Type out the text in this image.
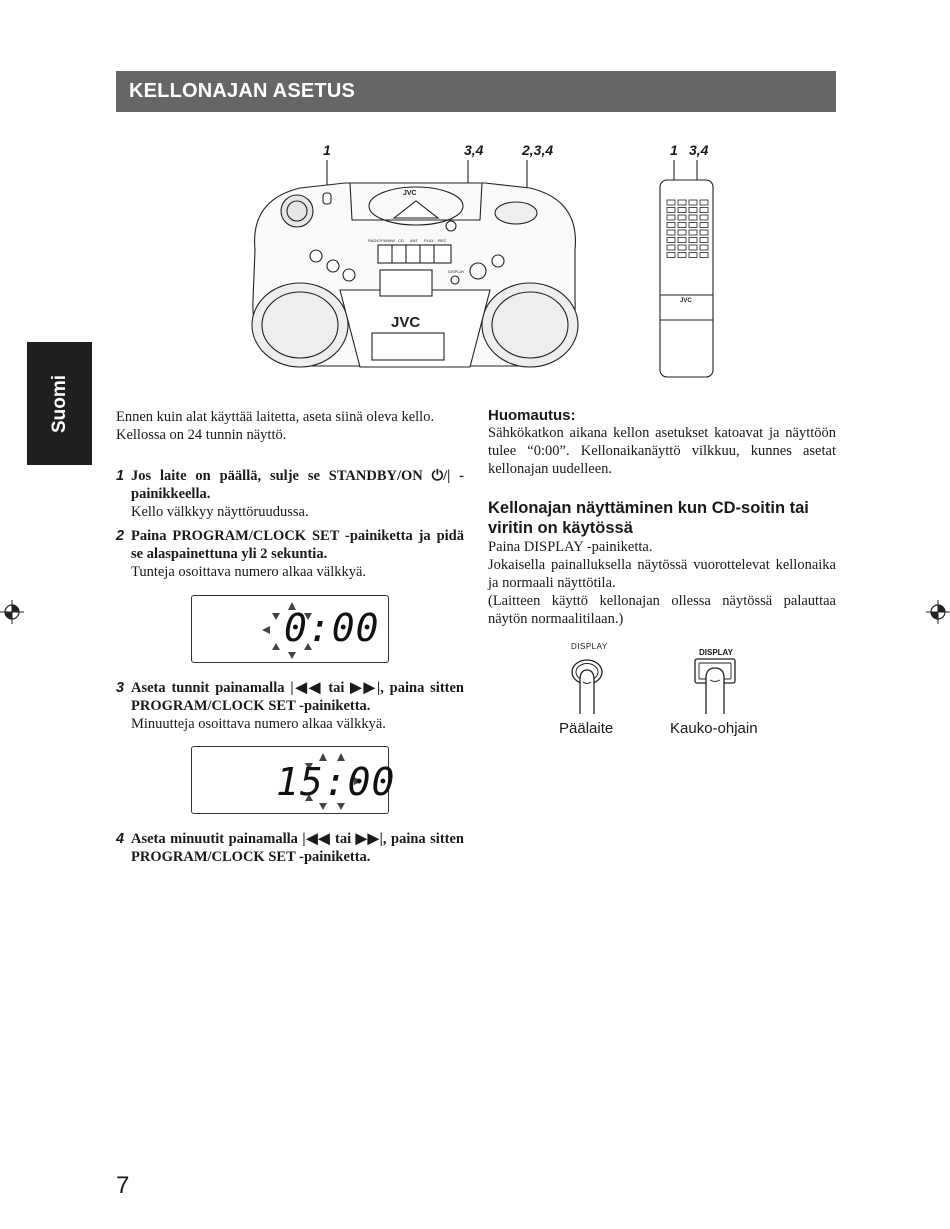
KELLONAJAN ASETUS
Suomi
1	3,4	2,3,4	1 3,4
JVC
JVC
RADIO FM/MW CD ANT PLAY REC
DISPLAY
JVC
Ennen kuin alat käyttää laitetta, aseta siinä oleva kello. Kellossa on 24 tunnin näyttö.
1 Jos laite on päällä, sulje se STANDBY/ON ⏻/| -painikkeella.
Kello välkkyy näyttöruudussa.
2 Paina PROGRAM/CLOCK SET -painiketta ja pidä se alaspainettuna yli 2 sekuntia.
Tunteja osoittava numero alkaa välkkyä.
0:00
3 Aseta tunnit painamalla |◀◀ tai ▶▶|, paina sitten PROGRAM/CLOCK SET -painiketta.
Minuutteja osoittava numero alkaa välkkyä.
15:00
4 Aseta minuutit painamalla |◀◀ tai ▶▶|, paina sitten PROGRAM/CLOCK SET -painiketta.
Huomautus:
Sähkökatkon aikana kellon asetukset katoavat ja näyttöön tulee “0:00”. Kellonaikanäyttö vilkkuu, kunnes asetat kellonajan uudelleen.
Kellonajan näyttäminen kun CD-soitin tai viritin on käytössä
Paina DISPLAY -painiketta.
Jokaisella painalluksella näytössä vuorottelevat kellonaika ja normaali näyttötila.
(Laitteen käyttö kellonajan ollessa näytössä palauttaa näytön normaalitilaan.)
DISPLAY
DISPLAY
Päälaite	Kauko-ohjain
7
